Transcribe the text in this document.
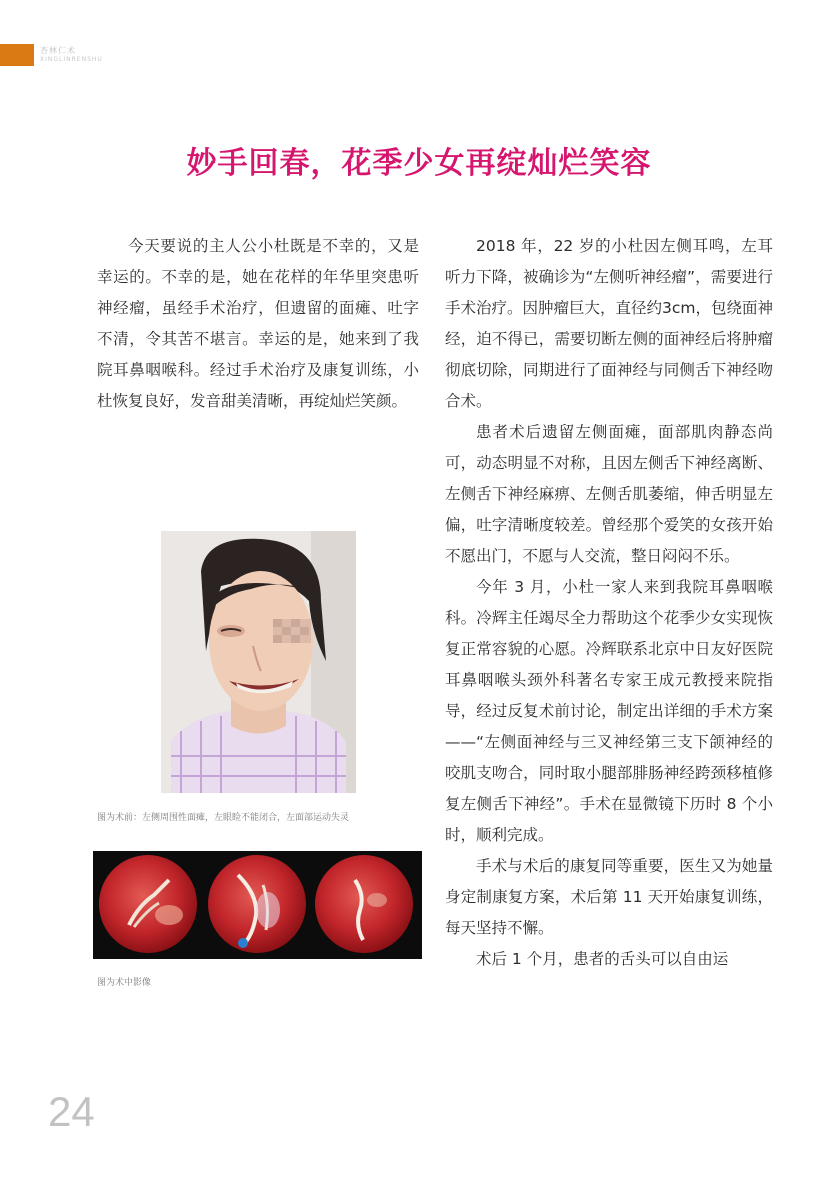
杏林仁术
XINGLINRENSHU
妙手回春，花季少女再绽灿烂笑容

今天要说的主人公小杜既是不幸的，又是幸运的。不幸的是，她在花样的年华里突患听神经瘤，虽经手术治疗，但遗留的面瘫、吐字不清，令其苦不堪言。幸运的是，她来到了我院耳鼻咽喉科。经过手术治疗及康复训练，小杜恢复良好，发音甜美清晰，再绽灿烂笑颜。

2018 年，22 岁的小杜因左侧耳鸣，左耳听力下降，被确诊为“左侧听神经瘤”，需要进行手术治疗。因肿瘤巨大，直径约3cm，包绕面神经，迫不得已，需要切断左侧的面神经后将肿瘤彻底切除，同期进行了面神经与同侧舌下神经吻合术。

患者术后遗留左侧面瘫，面部肌肉静态尚可，动态明显不对称，且因左侧舌下神经离断、左侧舌下神经麻痹、左侧舌肌萎缩，伸舌明显左偏，吐字清晰度较差。曾经那个爱笑的女孩开始不愿出门，不愿与人交流，整日闷闷不乐。

今年 3 月，小杜一家人来到我院耳鼻咽喉科。冷辉主任竭尽全力帮助这个花季少女实现恢复正常容貌的心愿。冷辉联系北京中日友好医院耳鼻咽喉头颈外科著名专家王成元教授来院指导，经过反复术前讨论，制定出详细的手术方案——“左侧面神经与三叉神经第三支下颌神经的咬肌支吻合，同时取小腿部腓肠神经跨颈移植修复左侧舌下神经”。手术在显微镜下历时 8 个小时，顺利完成。

手术与术后的康复同等重要，医生又为她量身定制康复方案，术后第 11 天开始康复训练，每天坚持不懈。

术后 1 个月，患者的舌头可以自由运

图为术前：左侧周围性面瘫，左眼睑不能闭合，左面部运动失灵
图为术中影像
24
